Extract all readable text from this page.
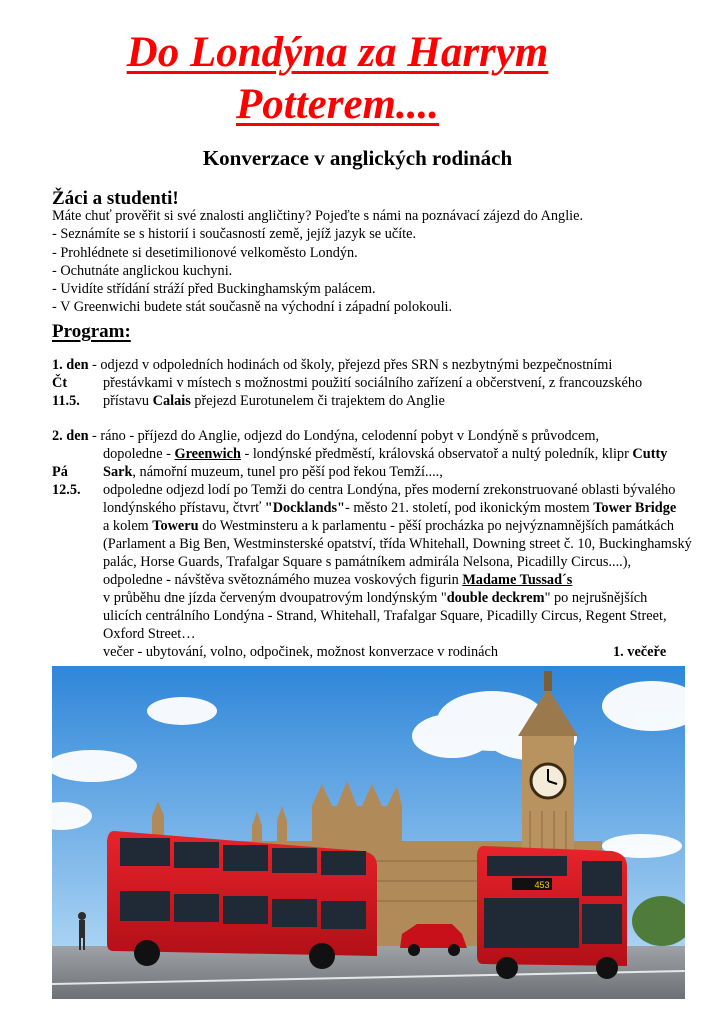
Do Londýna za Harrym
Potterem....
Konverzace v anglických rodinách
Žáci a studenti!
Máte chuť prověřit si své znalosti angličtiny? Pojeďte s námi na poznávací zájezd do Anglie.
- Seznámíte se s historií i současností země, jejíž jazyk se učíte.
- Prohlédnete si desetimilionové velkoměsto Londýn.
- Ochutnáte anglickou kuchyni.
- Uvidíte střídání stráží před Buckinghamským palácem.
- V Greenwichi budete stát současně na východní i západní polokouli.
Program:
1. den - odjezd v odpoledních hodinách od školy, přejezd přes SRN s nezbytnými bezpečnostními
Čt	přestávkami v místech s možnostmi použití sociálního zařízení a občerstvení, z francouzského
11.5. přístavu Calais přejezd Eurotunelem či trajektem do Anglie
2. den - ráno - příjezd do Anglie, odjezd do Londýna, celodenní pobyt v Londýně s průvodcem,
dopoledne - Greenwich - londýnské předměstí, královská observatoř a nultý poledník, klipr Cutty
Pá Sark, námořní muzeum, tunel pro pěší pod řekou Temží....,
12.5. odpoledne odjezd lodí po Temži do centra Londýna, přes moderní zrekonstruované oblasti bývalého
londýnského přístavu, čtvrť "Docklands"- město 21. století, pod ikonickým mostem Tower Bridge
a kolem Toweru do Westminsteru a k parlamentu - pěší procházka po nejvýznamnějších památkách
(Parlament a Big Ben, Westminsterské opatství, třída Whitehall, Downing street č. 10, Buckinghamský
palác, Horse Guards, Trafalgar Square s památníkem admirála Nelsona, Picadilly Circus....),
odpoledne - návštěva světoznámého muzea voskových figurin Madame Tussad´s
v průběhu dne jízda červeným dvoupatrovým londýnským "double deckrem" po nejrušnějších
ulicích centrálního Londýna - Strand, Whitehall, Trafalgar Square, Picadilly Circus, Regent Street,
Oxford Street…
večer - ubytování, volno, odpočinek, možnost konverzace v rodinách	1. večeře
453
